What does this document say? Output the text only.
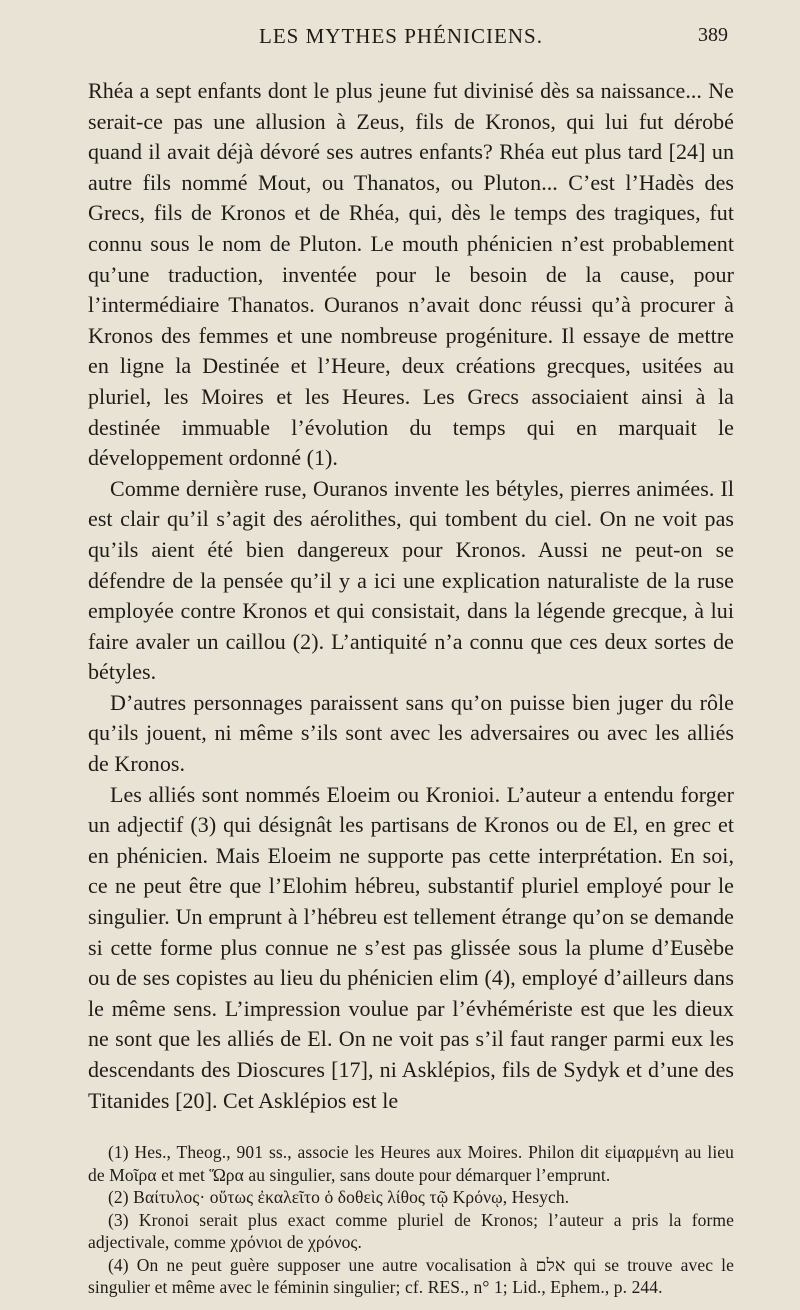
LES MYTHES PHÉNICIENS.	389

Rhéa a sept enfants dont le plus jeune fut divinisé dès sa naissance... Ne serait-ce pas une allusion à Zeus, fils de Kronos, qui lui fut dérobé quand il avait déjà dévoré ses autres enfants? Rhéa eut plus tard [24] un autre fils nommé Mout, ou Thanatos, ou Pluton... C’est l’Hadès des Grecs, fils de Kronos et de Rhéa, qui, dès le temps des tragiques, fut connu sous le nom de Pluton. Le mouth phénicien n’est probablement qu’une traduction, inventée pour le besoin de la cause, pour l’intermédiaire Thanatos. Ouranos n’avait donc réussi qu’à procurer à Kronos des femmes et une nombreuse progéniture. Il essaye de mettre en ligne la Destinée et l’Heure, deux créations grecques, usitées au pluriel, les Moires et les Heures. Les Grecs associaient ainsi à la destinée immuable l’évolution du temps qui en marquait le développement ordonné (1).

Comme dernière ruse, Ouranos invente les bétyles, pierres animées. Il est clair qu’il s’agit des aérolithes, qui tombent du ciel. On ne voit pas qu’ils aient été bien dangereux pour Kronos. Aussi ne peut-on se défendre de la pensée qu’il y a ici une explication naturaliste de la ruse employée contre Kronos et qui consistait, dans la légende grecque, à lui faire avaler un caillou (2). L’antiquité n’a connu que ces deux sortes de bétyles.

D’autres personnages paraissent sans qu’on puisse bien juger du rôle qu’ils jouent, ni même s’ils sont avec les adversaires ou avec les alliés de Kronos.

Les alliés sont nommés Eloeim ou Kronioi. L’auteur a entendu forger un adjectif (3) qui désignât les partisans de Kronos ou de El, en grec et en phénicien. Mais Eloeim ne supporte pas cette interprétation. En soi, ce ne peut être que l’Elohim hébreu, substantif pluriel employé pour le singulier. Un emprunt à l’hébreu est tellement étrange qu’on se demande si cette forme plus connue ne s’est pas glissée sous la plume d’Eusèbe ou de ses copistes au lieu du phénicien elim (4), employé d’ailleurs dans le même sens. L’impression voulue par l’évhémériste est que les dieux ne sont que les alliés de El. On ne voit pas s’il faut ranger parmi eux les descendants des Dioscures [17], ni Asklépios, fils de Sydyk et d’une des Titanides [20]. Cet Asklépios est le

(1) Hes., Theog., 901 ss., associe les Heures aux Moires. Philon dit εἱμαρμένη au lieu de Μοῖρα et met Ὥρα au singulier, sans doute pour démarquer l’emprunt.

(2) Βαίτυλος· οὕτως ἐκαλεῖτο ὁ δοθεὶς λίθος τῷ Κρόνῳ, Hesych.

(3) Kronoi serait plus exact comme pluriel de Kronos; l’auteur a pris la forme adjectivale, comme χρόνιοι de χρόνος.

(4) On ne peut guère supposer une autre vocalisation à אלם qui se trouve avec le singulier et même avec le féminin singulier; cf. RES., n° 1; Lid., Ephem., p. 244.
